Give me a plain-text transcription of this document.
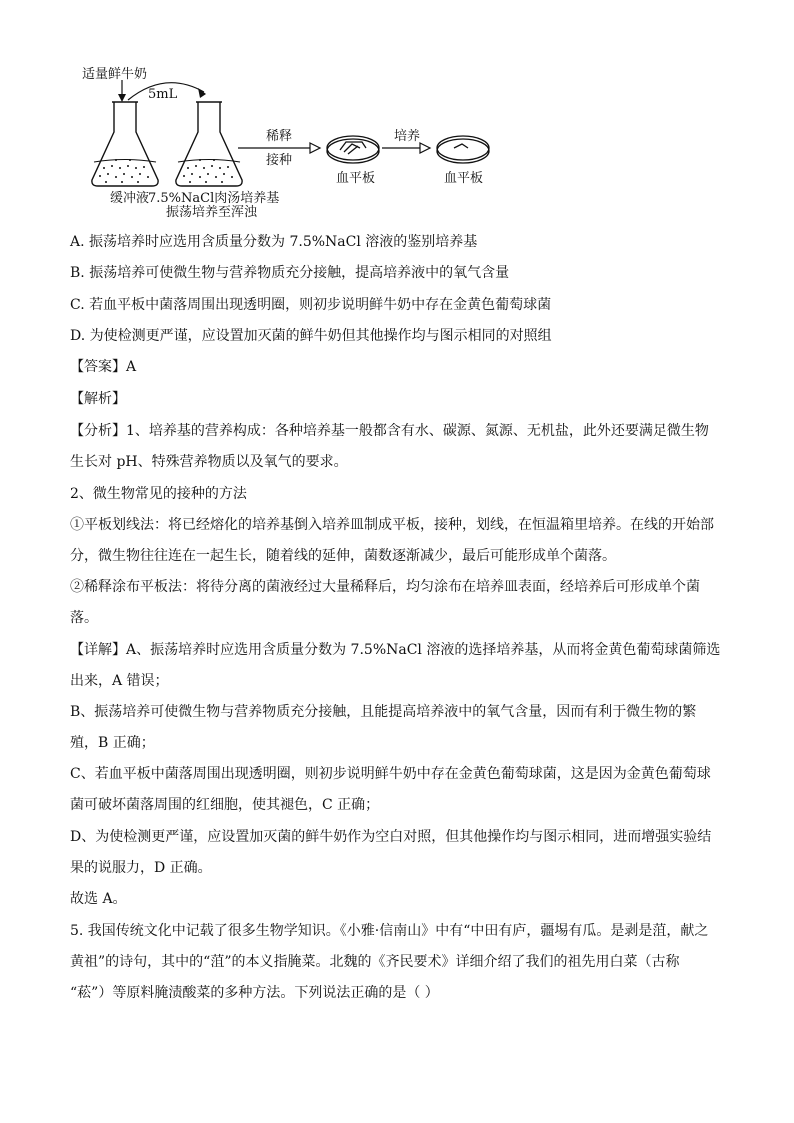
适量鲜牛奶
5mL
缓冲液
7.5%NaCl肉汤培养基
振荡培养至浑浊
稀释
接种
培养
血平板	血平板
A. 振荡培养时应选用含质量分数为 7.5%NaCl 溶液的鉴别培养基
B. 振荡培养可使微生物与营养物质充分接触，提高培养液中的氧气含量
C. 若血平板中菌落周围出现透明圈，则初步说明鲜牛奶中存在金黄色葡萄球菌
D. 为使检测更严谨，应设置加灭菌的鲜牛奶但其他操作均与图示相同的对照组
【答案】A
【解析】
【分析】1、培养基的营养构成：各种培养基一般都含有水、碳源、氮源、无机盐，此外还要满足微生物
生长对 pH、特殊营养物质以及氧气的要求。
2、微生物常见的接种的方法
①平板划线法：将已经熔化的培养基倒入培养皿制成平板，接种，划线，在恒温箱里培养。在线的开始部
分，微生物往往连在一起生长，随着线的延伸，菌数逐渐减少，最后可能形成单个菌落。
②稀释涂布平板法：将待分离的菌液经过大量稀释后，均匀涂布在培养皿表面，经培养后可形成单个菌
落。
【详解】A、振荡培养时应选用含质量分数为 7.5%NaCl 溶液的选择培养基，从而将金黄色葡萄球菌筛选
出来，A 错误；
B、振荡培养可使微生物与营养物质充分接触，且能提高培养液中的氧气含量，因而有利于微生物的繁
殖，B 正确；
C、若血平板中菌落周围出现透明圈，则初步说明鲜牛奶中存在金黄色葡萄球菌，这是因为金黄色葡萄球
菌可破坏菌落周围的红细胞，使其褪色，C 正确；
D、为使检测更严谨，应设置加灭菌的鲜牛奶作为空白对照，但其他操作均与图示相同，进而增强实验结
果的说服力，D 正确。
故选 A。
5. 我国传统文化中记载了很多生物学知识。《小雅·信南山》中有“中田有庐，疆埸有瓜。是剥是菹，献之
黄祖”的诗句，其中的“菹”的本义指腌菜。北魏的《齐民要术》详细介绍了我们的祖先用白菜（古称
“菘”）等原料腌渍酸菜的多种方法。下列说法正确的是（ ）
